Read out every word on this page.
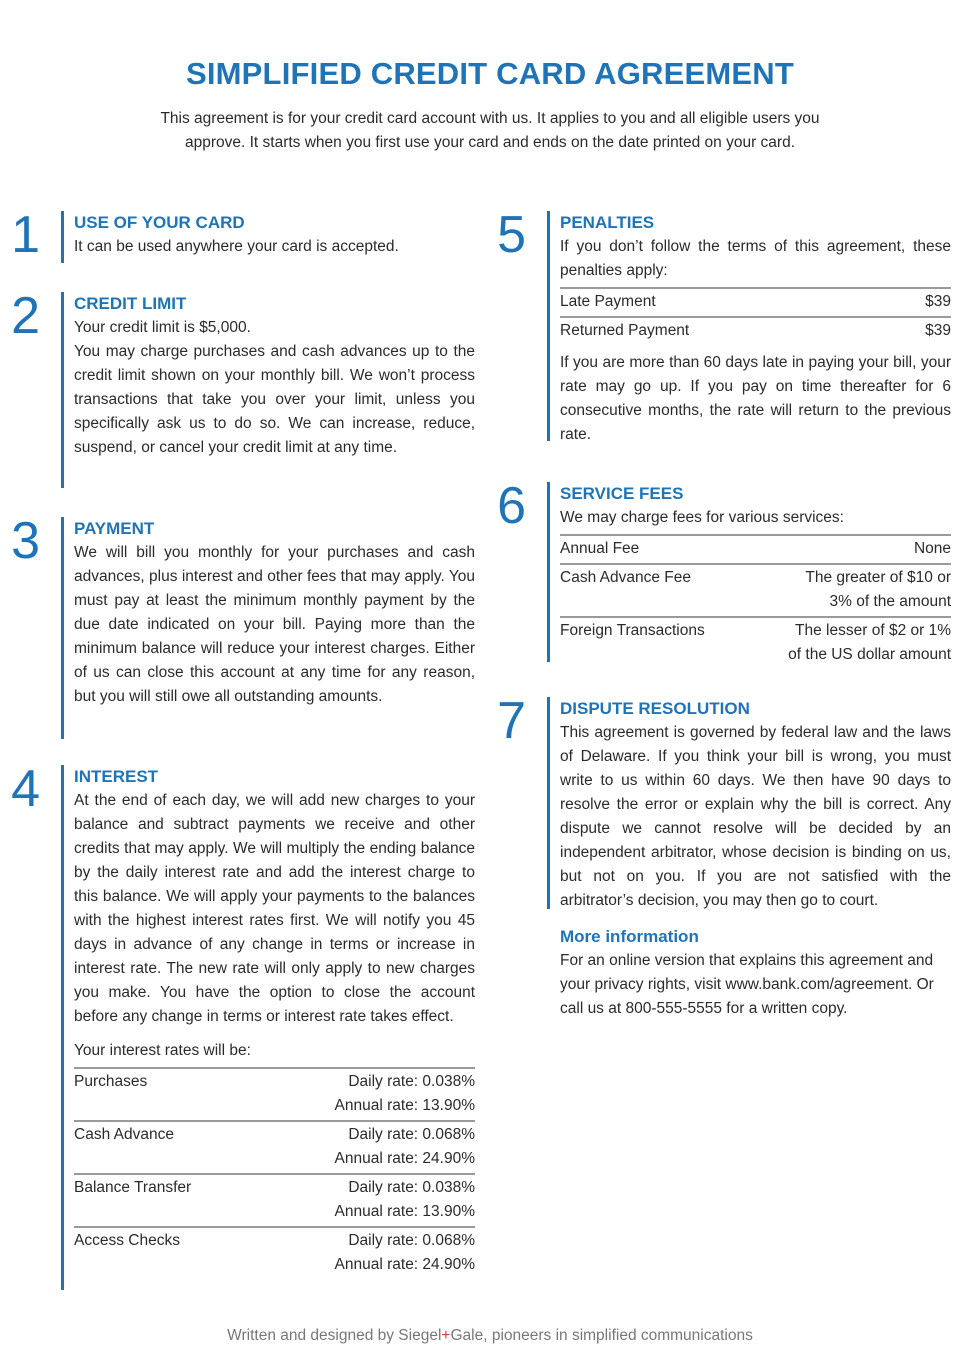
SIMPLIFIED CREDIT CARD AGREEMENT

This agreement is for your credit card account with us. It applies to you and all eligible users you approve. It starts when you first use your card and ends on the date printed on your card.

1 USE OF YOUR CARD

It can be used anywhere your card is accepted.

2 CREDIT LIMIT

Your credit limit is $5,000.

You may charge purchases and cash advances up to the credit limit shown on your monthly bill. We won’t process transactions that take you over your limit, unless you specifically ask us to do so. We can increase, reduce, suspend, or cancel your credit limit at any time.

3 PAYMENT

We will bill you monthly for your purchases and cash advances, plus interest and other fees that may apply. You must pay at least the minimum monthly payment by the due date indicated on your bill. Paying more than the minimum balance will reduce your interest charges. Either of us can close this account at any time for any reason, but you will still owe all outstanding amounts.

4 INTEREST

At the end of each day, we will add new charges to your balance and subtract payments we receive and other credits that may apply. We will multiply the ending balance by the daily interest rate and add the interest charge to this balance. We will apply your payments to the balances with the highest interest rates first. We will notify you 45 days in advance of any change in terms or increase in interest rate. The new rate will only apply to new charges you make. You have the option to close the account before any change in terms or interest rate takes effect.

Your interest rates will be:

Purchases	Daily rate: 0.038%
Annual rate: 13.90%

Cash Advance	Daily rate: 0.068%
Annual rate: 24.90%

Balance Transfer	Daily rate: 0.038%
Annual rate: 13.90%

Access Checks	Daily rate: 0.068%
Annual rate: 24.90%
5 PENALTIES

If you don’t follow the terms of this agreement, these penalties apply:

Late Payment	$39
Returned Payment	$39

If you are more than 60 days late in paying your bill, your rate may go up. If you pay on time thereafter for 6 consecutive months, the rate will return to the previous rate.

6 SERVICE FEES

We may charge fees for various services:

Annual Fee	None

Cash Advance Fee	The greater of $10 or
3% of the amount

Foreign Transactions	The lesser of $2 or 1%
of the US dollar amount
7 DISPUTE RESOLUTION

This agreement is governed by federal law and the laws of Delaware. If you think your bill is wrong, you must write to us within 60 days. We then have 90 days to resolve the error or explain why the bill is correct. Any dispute we cannot resolve will be decided by an independent arbitrator, whose decision is binding on us, but not on you. If you are not satisfied with the arbitrator’s decision, you may then go to court.

More information

For an online version that explains this agreement and your privacy rights, visit www.bank.com/agreement. Or call us at 800-555-5555 for a written copy.

Written and designed by Siegel+Gale, pioneers in simplified communications
